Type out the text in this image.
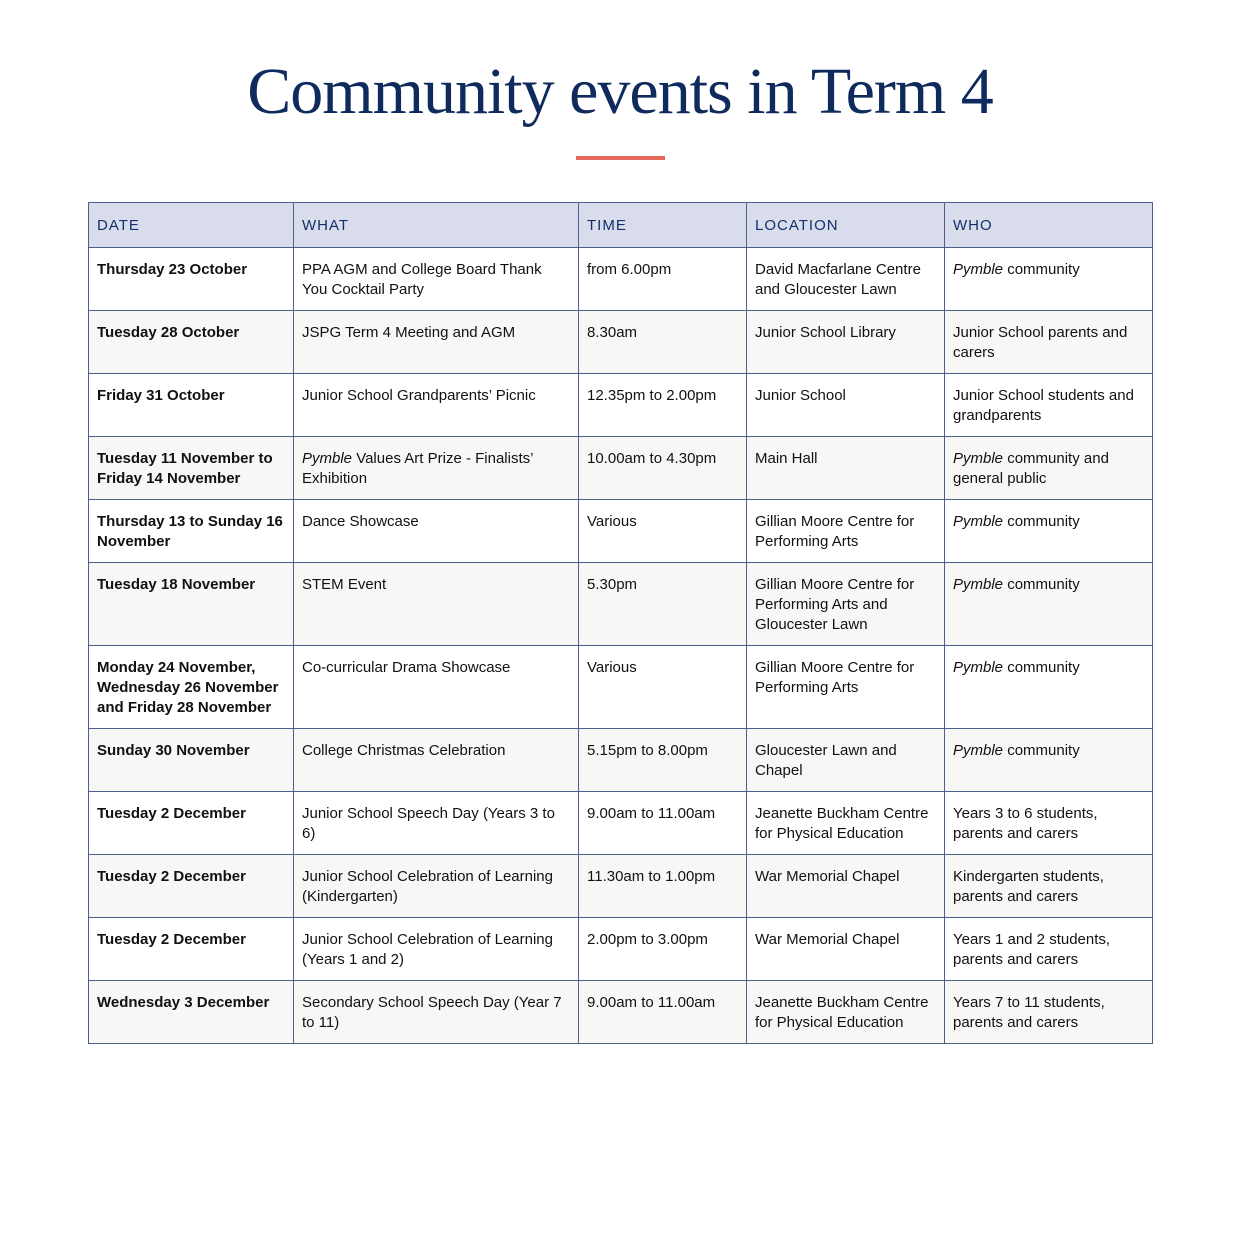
Community events in Term 4
DATE	WHAT	TIME	LOCATION	WHO
Thursday 23 October	PPA AGM and College Board Thank You Cocktail Party	from 6.00pm	David Macfarlane Centre and Gloucester Lawn	Pymble community
Tuesday 28 October	JSPG Term 4 Meeting and AGM	8.30am	Junior School Library	Junior School parents and carers
Friday 31 October	Junior School Grandparents’ Picnic	12.35pm to 2.00pm	Junior School	Junior School students and grandparents
Tuesday 11 November to Friday 14 November	Pymble Values Art Prize - Finalists’ Exhibition	10.00am to 4.30pm	Main Hall	Pymble community and general public
Thursday 13 to Sunday 16 November	Dance Showcase	Various	Gillian Moore Centre for Performing Arts	Pymble community
Tuesday 18 November	STEM Event	5.30pm	Gillian Moore Centre for Performing Arts and Gloucester Lawn	Pymble community
Monday 24 November, Wednesday 26 November and Friday 28 November	Co-curricular Drama Showcase	Various	Gillian Moore Centre for Performing Arts	Pymble community
Sunday 30 November	College Christmas Celebration	5.15pm to 8.00pm	Gloucester Lawn and Chapel	Pymble community
Tuesday 2 December	Junior School Speech Day (Years 3 to 6)	9.00am to 11.00am	Jeanette Buckham Centre for Physical Education	Years 3 to 6 students, parents and carers
Tuesday 2 December	Junior School Celebration of Learning (Kindergarten)	11.30am to 1.00pm	War Memorial Chapel	Kindergarten students, parents and carers
Tuesday 2 December	Junior School Celebration of Learning (Years 1 and 2)	2.00pm to 3.00pm	War Memorial Chapel	Years 1 and 2 students, parents and carers
Wednesday 3 December	Secondary School Speech Day (Year 7 to 11)	9.00am to 11.00am	Jeanette Buckham Centre for Physical Education	Years 7 to 11 students, parents and carers
